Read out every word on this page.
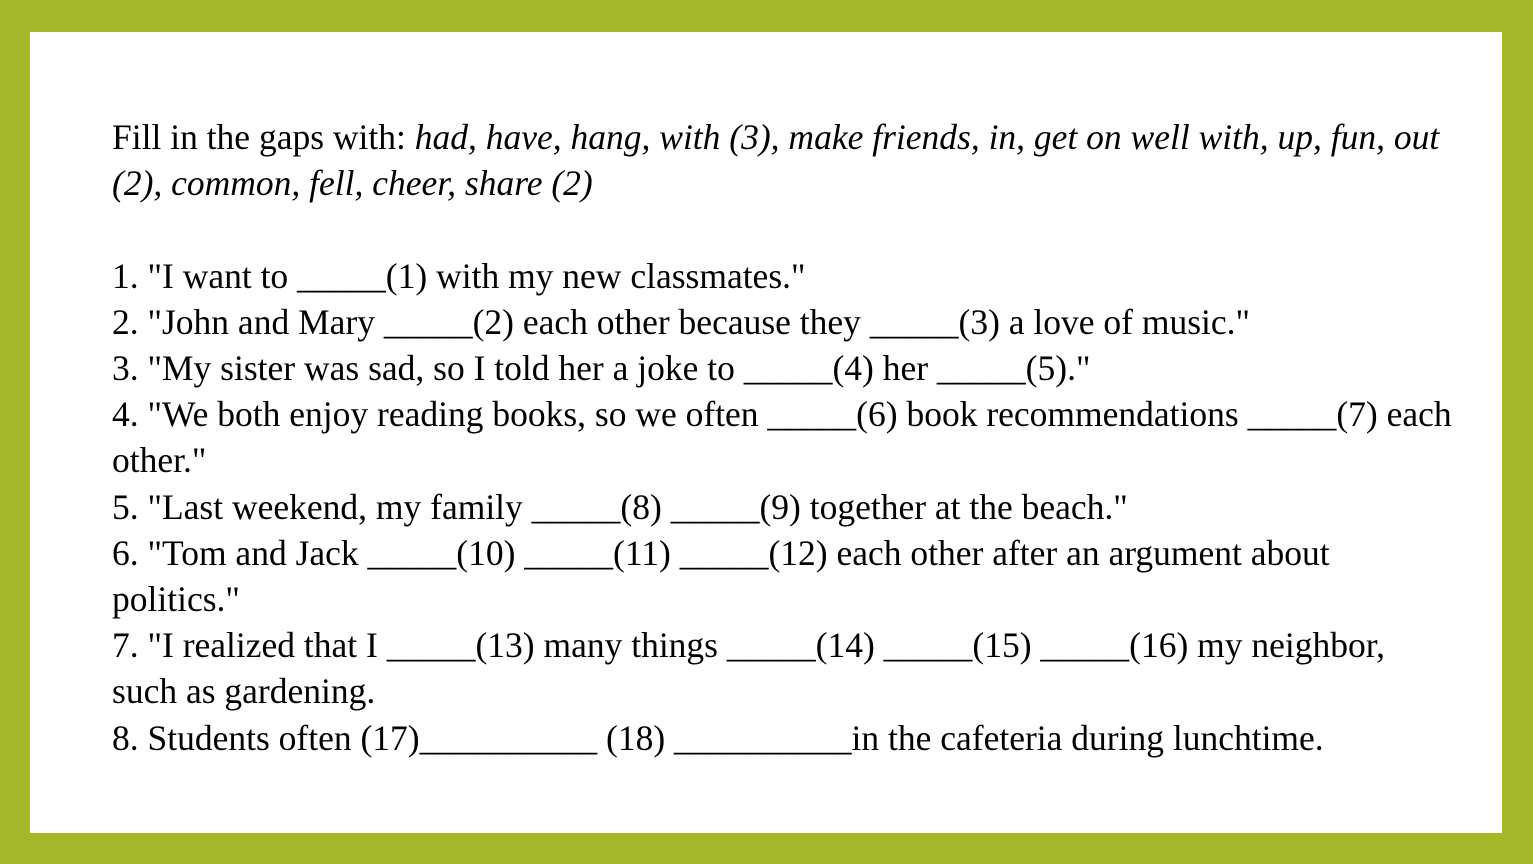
Fill in the gaps with: had, have, hang, with (3), make friends, in, get on well with, up, fun, out (2), common, fell, cheer, share (2)

1. "I want to _____(1) with my new classmates."
2. "John and Mary _____(2) each other because they _____(3) a love of music."
3. "My sister was sad, so I told her a joke to _____(4) her _____(5)."
4. "We both enjoy reading books, so we often _____(6) book recommendations _____(7) each other."
5. "Last weekend, my family _____(8) _____(9) together at the beach."
6. "Tom and Jack _____(10) _____(11) _____(12) each other after an argument about politics."
7. "I realized that I _____(13) many things _____(14) _____(15) _____(16) my neighbor, such as gardening.
8. Students often (17)__________ (18) __________in the cafeteria during lunchtime.
